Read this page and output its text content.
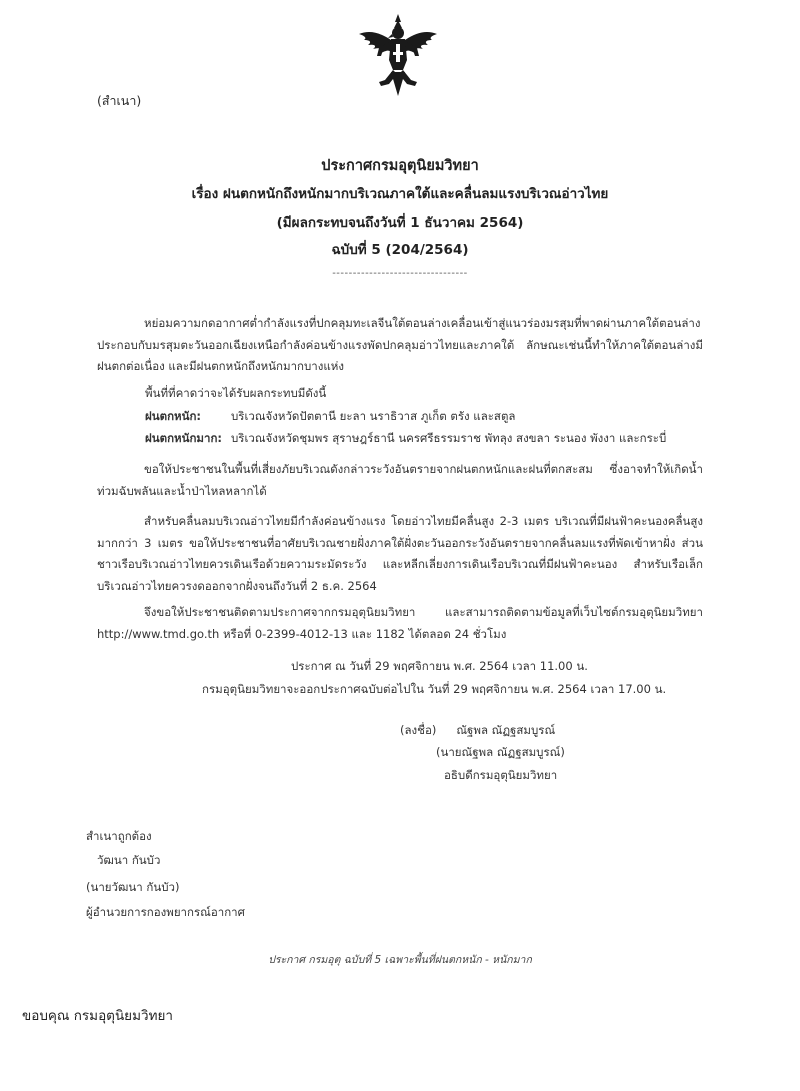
(สำเนา)
ประกาศกรมอุตุนิยมวิทยา
เรื่อง ฝนตกหนักถึงหนักมากบริเวณภาคใต้และคลื่นลมแรงบริเวณอ่าวไทย
(มีผลกระทบจนถึงวันที่ 1 ธันวาคม 2564)
ฉบับที่ 5 (204/2564)
---------------------------------
หย่อมความกดอากาศต่ำกำลังแรงที่ปกคลุมทะเลจีนใต้ตอนล่างเคลื่อนเข้าสู่แนวร่องมรสุมที่พาดผ่านภาคใต้ตอนล่าง ประกอบกับมรสุมตะวันออกเฉียงเหนือกำลังค่อนข้างแรงพัดปกคลุมอ่าวไทยและภาคใต้ ลักษณะเช่นนี้ทำให้ภาคใต้ตอนล่างมีฝนตกต่อเนื่อง และมีฝนตกหนักถึงหนักมากบางแห่ง
พื้นที่ที่คาดว่าจะได้รับผลกระทบมีดังนี้
ฝนตกหนัก:	บริเวณจังหวัดปัตตานี ยะลา นราธิวาส ภูเก็ต ตรัง และสตูล
ฝนตกหนักมาก: บริเวณจังหวัดชุมพร สุราษฎร์ธานี นครศรีธรรมราช พัทลุง สงขลา ระนอง พังงา และกระบี่
ขอให้ประชาชนในพื้นที่เสี่ยงภัยบริเวณดังกล่าวระวังอันตรายจากฝนตกหนักและฝนที่ตกสะสม ซึ่งอาจทำให้เกิดน้ำท่วมฉับพลันและน้ำป่าไหลหลากได้
สำหรับคลื่นลมบริเวณอ่าวไทยมีกำลังค่อนข้างแรง โดยอ่าวไทยมีคลื่นสูง 2-3 เมตร บริเวณที่มีฝนฟ้าคะนองคลื่นสูงมากกว่า 3 เมตร ขอให้ประชาชนที่อาศัยบริเวณชายฝั่งภาคใต้ฝั่งตะวันออกระวังอันตรายจากคลื่นลมแรงที่พัดเข้าหาฝั่ง ส่วนชาวเรือบริเวณอ่าวไทยควรเดินเรือด้วยความระมัดระวัง และหลีกเลี่ยงการเดินเรือบริเวณที่มีฝนฟ้าคะนอง สำหรับเรือเล็กบริเวณอ่าวไทยควรงดออกจากฝั่งจนถึงวันที่ 2 ธ.ค. 2564
จึงขอให้ประชาชนติดตามประกาศจากกรมอุตุนิยมวิทยา และสามารถติดตามข้อมูลที่เว็บไซต์กรมอุตุนิยมวิทยา http://www.tmd.go.th หรือที่ 0-2399-4012-13 และ 1182 ได้ตลอด 24 ชั่วโมง
ประกาศ ณ วันที่ 29 พฤศจิกายน พ.ศ. 2564 เวลา 11.00 น.
กรมอุตุนิยมวิทยาจะออกประกาศฉบับต่อไปใน วันที่ 29 พฤศจิกายน พ.ศ. 2564 เวลา 17.00 น.
(ลงชื่อ) ณัฐพล ณัฏฐสมบูรณ์
(นายณัฐพล ณัฏฐสมบูรณ์)
อธิบดีกรมอุตุนิยมวิทยา
สำเนาถูกต้อง
วัฒนา กันบัว
(นายวัฒนา กันบัว)
ผู้อำนวยการกองพยากรณ์อากาศ
ประกาศ กรมอุตุ ฉบับที่ 5 เฉพาะพื้นที่ฝนตกหนัก - หนักมาก
ขอบคุณ กรมอุตุนิยมวิทยา
